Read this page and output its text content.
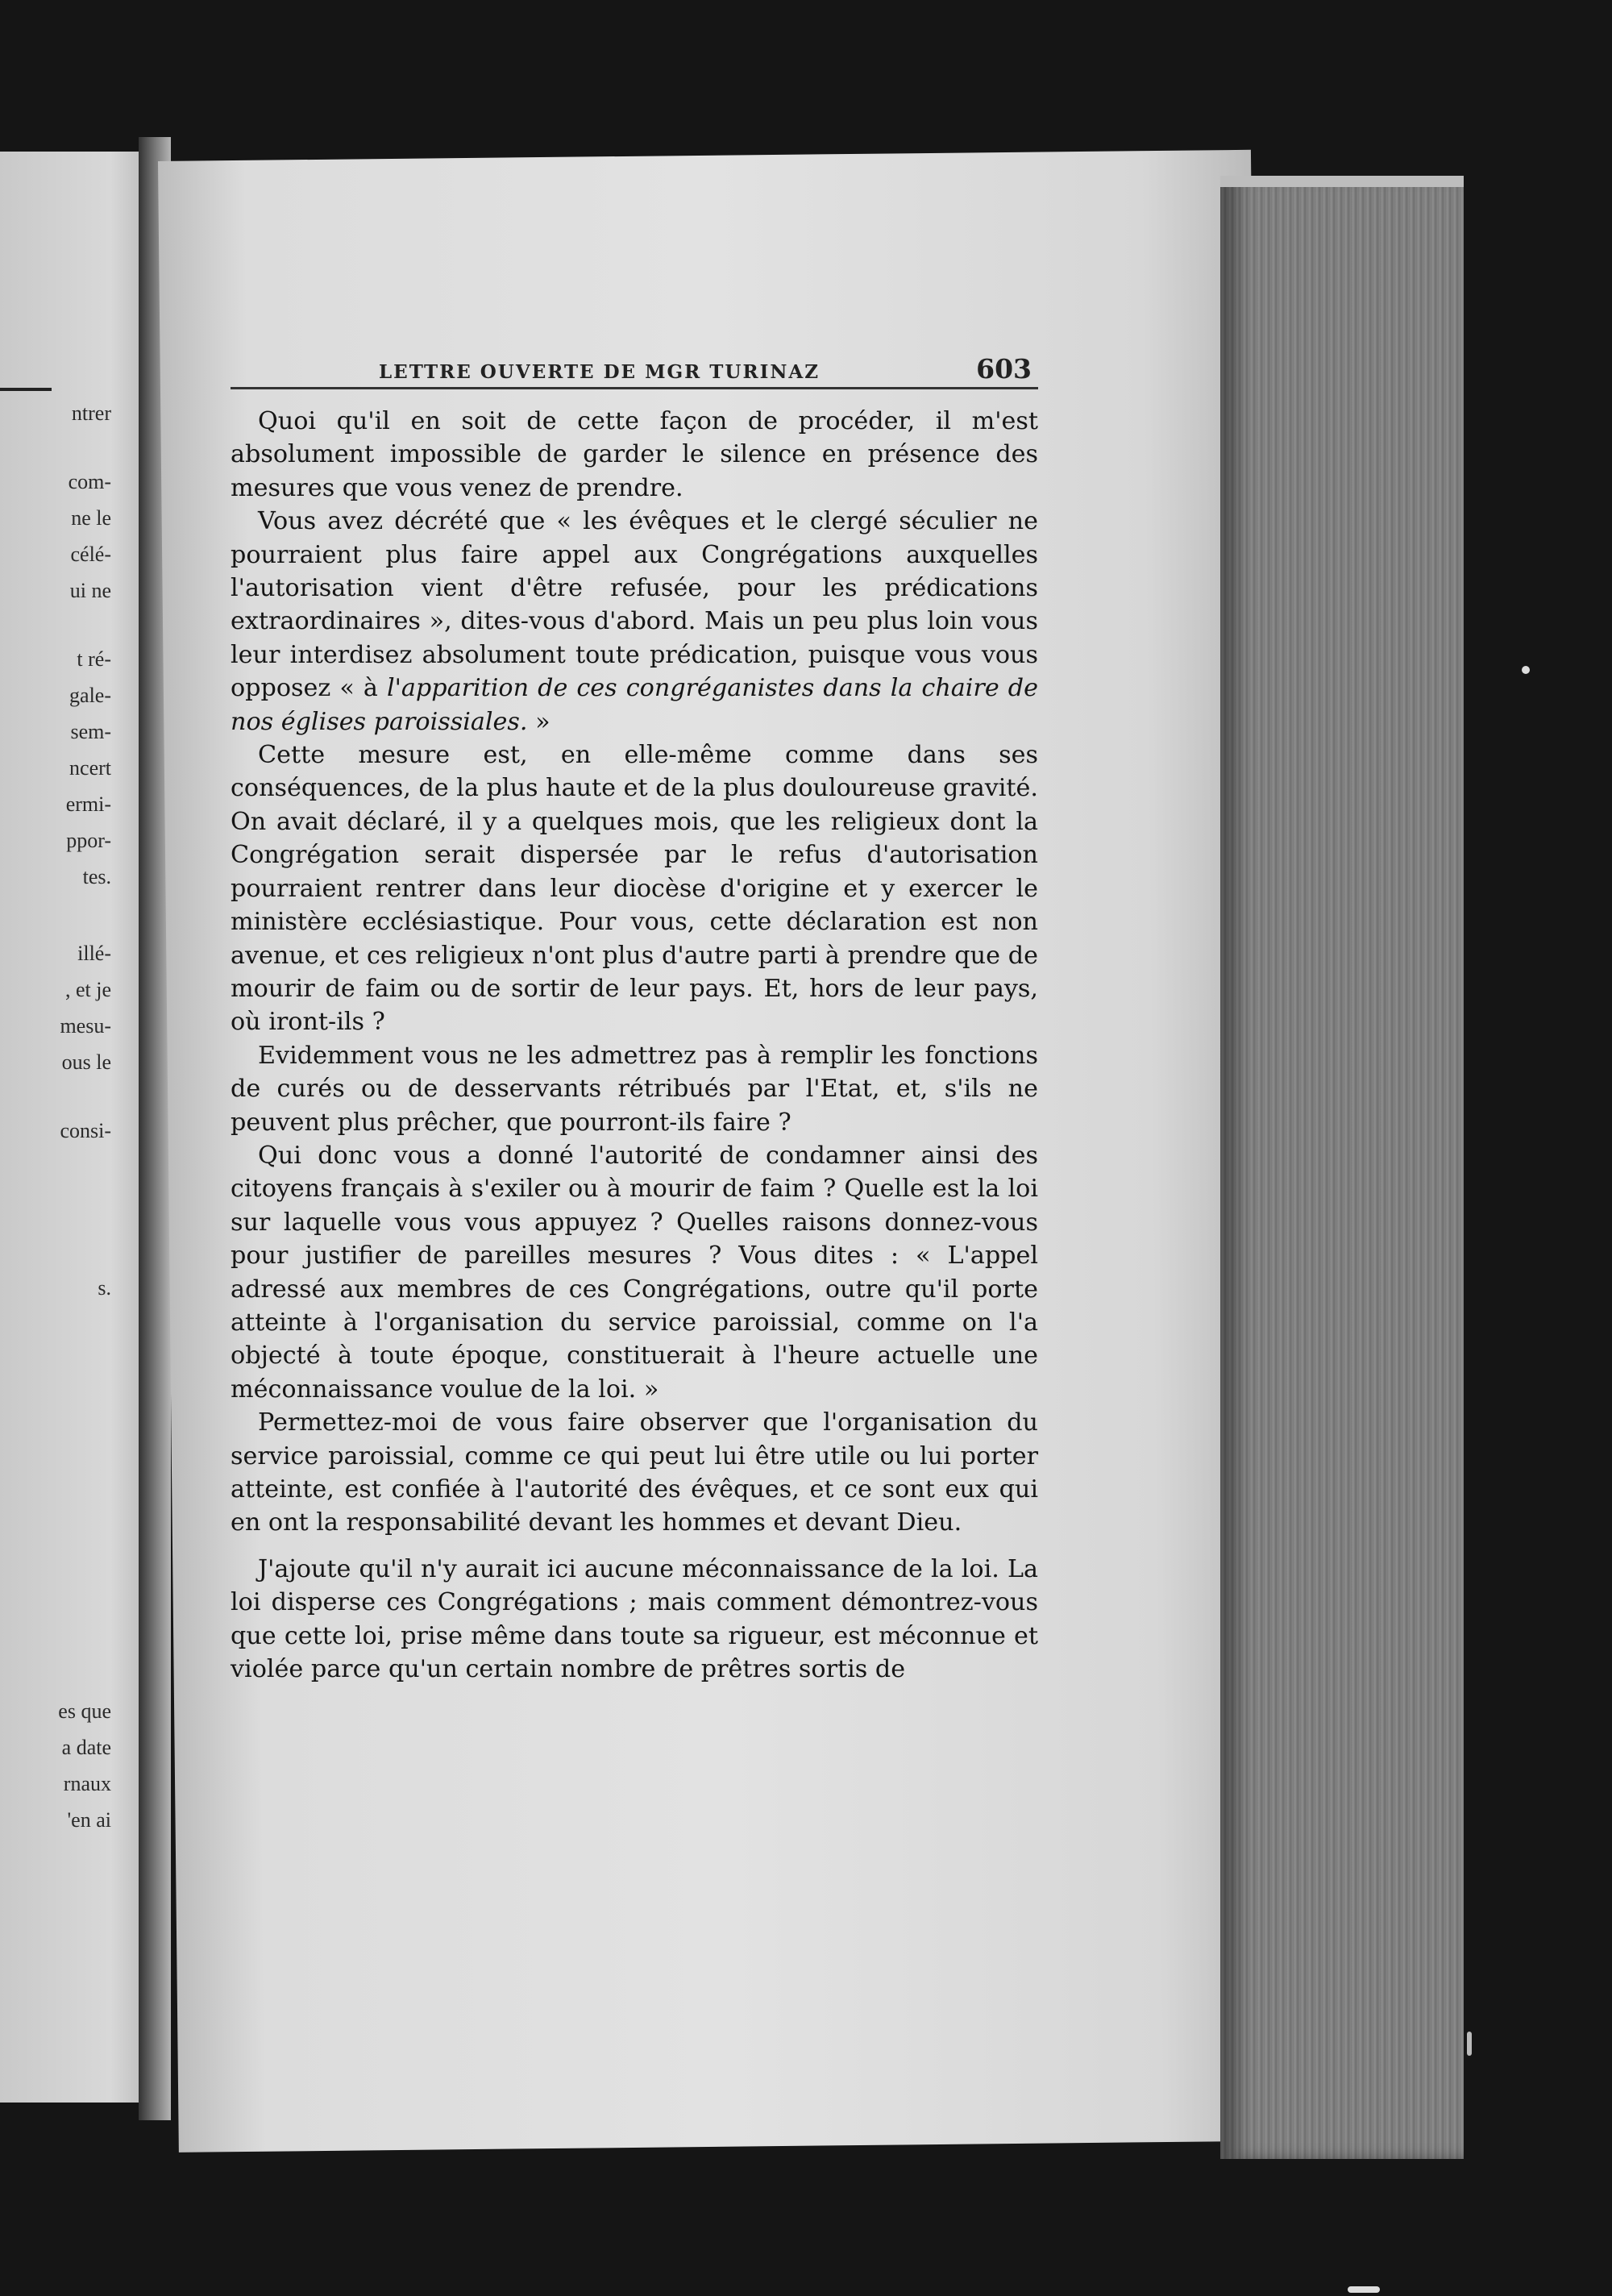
ntrer
com-
ne le
célé-
ui ne
t ré-
gale-
sem-
ncert
ermi-
ppor-
tes.
illé-
, et je
mesu-
ous le
consi-
s.
es que
a date
rnaux
'en ai
LETTRE OUVERTE DE MGR TURINAZ	603

Quoi qu'il en soit de cette façon de procéder, il m'est absolument impossible de garder le silence en présence des mesures que vous venez de prendre.

Vous avez décrété que « les évêques et le clergé séculier ne pourraient plus faire appel aux Congrégations auxquelles l'autorisation vient d'être refusée, pour les prédications extraordinaires », dites-vous d'abord. Mais un peu plus loin vous leur interdisez absolument toute prédication, puisque vous vous opposez « à l'apparition de ces congréganistes dans la chaire de nos églises paroissiales. »

Cette mesure est, en elle-même comme dans ses conséquences, de la plus haute et de la plus douloureuse gravité. On avait déclaré, il y a quelques mois, que les religieux dont la Congrégation serait dispersée par le refus d'autorisation pourraient rentrer dans leur diocèse d'origine et y exercer le ministère ecclésiastique. Pour vous, cette déclaration est non avenue, et ces religieux n'ont plus d'autre parti à prendre que de mourir de faim ou de sortir de leur pays. Et, hors de leur pays, où iront-ils ?

Evidemment vous ne les admettrez pas à remplir les fonctions de curés ou de desservants rétribués par l'Etat, et, s'ils ne peuvent plus prêcher, que pourront-ils faire ?

Qui donc vous a donné l'autorité de condamner ainsi des citoyens français à s'exiler ou à mourir de faim ? Quelle est la loi sur laquelle vous vous appuyez ? Quelles raisons donnez-vous pour justifier de pareilles mesures ? Vous dites : « L'appel adressé aux membres de ces Congrégations, outre qu'il porte atteinte à l'organisation du service paroissial, comme on l'a objecté à toute époque, constituerait à l'heure actuelle une méconnaissance voulue de la loi. »

Permettez-moi de vous faire observer que l'organisation du service paroissial, comme ce qui peut lui être utile ou lui porter atteinte, est confiée à l'autorité des évêques, et ce sont eux qui en ont la responsabilité devant les hommes et devant Dieu.

J'ajoute qu'il n'y aurait ici aucune méconnaissance de la loi. La loi disperse ces Congrégations ; mais comment démontrez-vous que cette loi, prise même dans toute sa rigueur, est méconnue et violée parce qu'un certain nombre de prêtres sortis de
